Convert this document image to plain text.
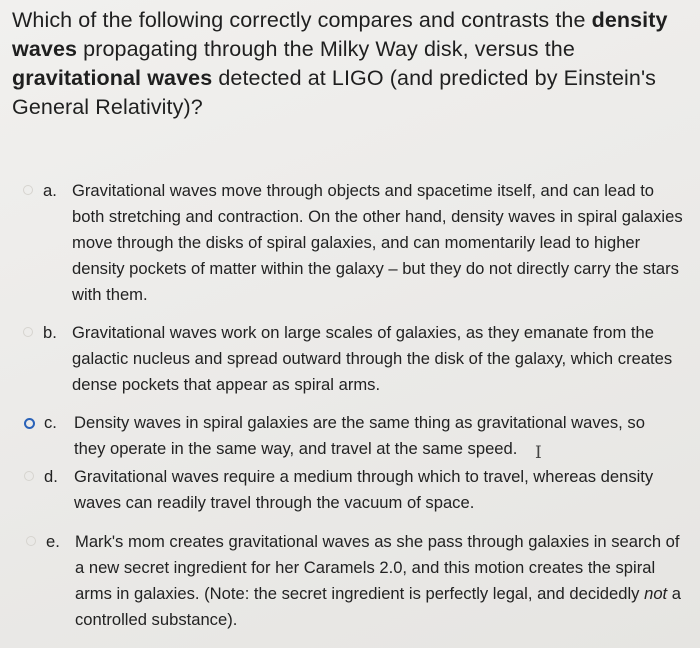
Which of the following correctly compares and contrasts the density waves propagating through the Milky Way disk, versus the gravitational waves detected at LIGO (and predicted by Einstein's General Relativity)?
a. Gravitational waves move through objects and spacetime itself, and can lead to both stretching and contraction. On the other hand, density waves in spiral galaxies move through the disks of spiral galaxies, and can momentarily lead to higher density pockets of matter within the galaxy – but they do not directly carry the stars with them.
b. Gravitational waves work on large scales of galaxies, as they emanate from the galactic nucleus and spread outward through the disk of the galaxy, which creates dense pockets that appear as spiral arms.
c.	Density waves in spiral galaxies are the same thing as gravitational waves, so they operate in the same way, and travel at the same speed.
d. Gravitational waves require a medium through which to travel, whereas density waves can readily travel through the vacuum of space.
e. Mark's mom creates gravitational waves as she pass through galaxies in search of a new secret ingredient for her Caramels 2.0, and this motion creates the spiral arms in galaxies. (Note: the secret ingredient is perfectly legal, and decidedly not a controlled substance).
I
